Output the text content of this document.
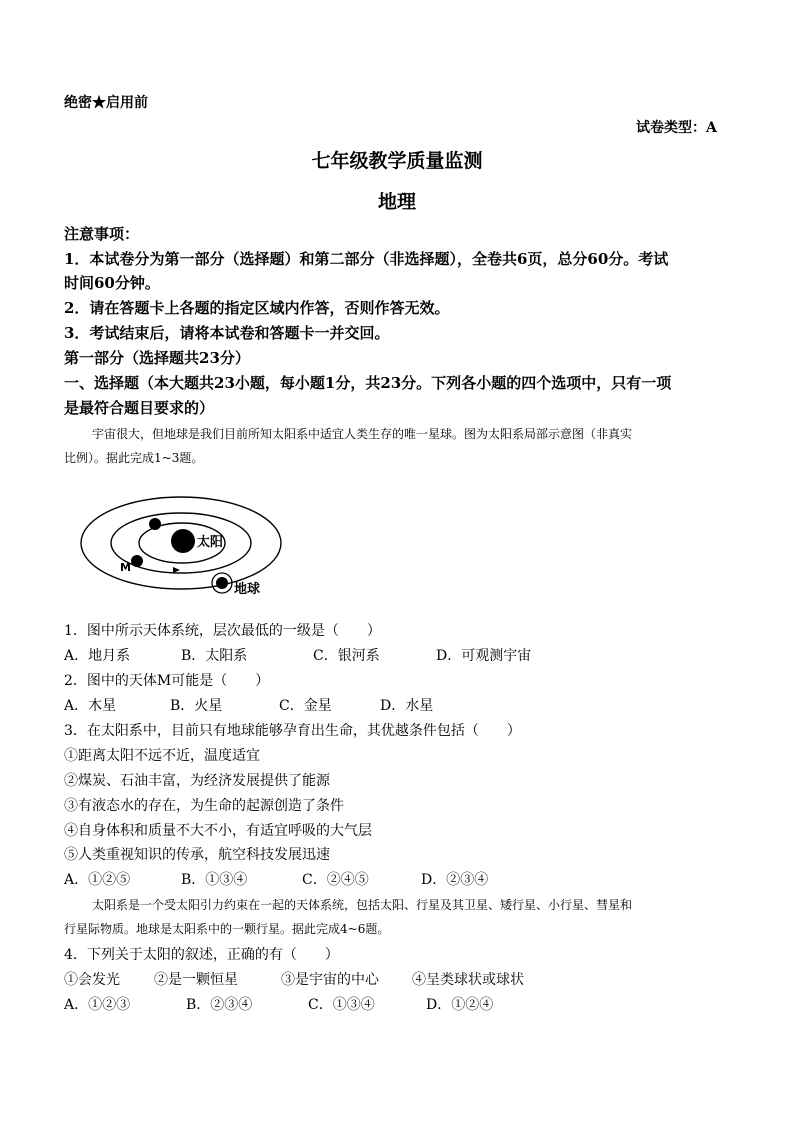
绝密★启用前
试卷类型：A
七年级教学质量监测
地理
注意事项：
1．本试卷分为第一部分（选择题）和第二部分（非选择题），全卷共6页，总分60分。考试
时间60分钟。
2．请在答题卡上各题的指定区域内作答，否则作答无效。
3．考试结束后，请将本试卷和答题卡一并交回。
第一部分（选择题共23分）
一、选择题（本大题共23小题，每小题1分，共23分。下列各小题的四个选项中，只有一项
是最符合题目要求的）
宇宙很大，但地球是我们目前所知太阳系中适宜人类生存的唯一星球。图为太阳系局部示意图（非真实
比例）。据此完成1~3题。
太阳
M
地球
1．图中所示天体系统，层次最低的一级是（　　）
A．地月系	B．太阳系	C．银河系	D．可观测宇宙
2．图中的天体M可能是（　　）
A．木星	B．火星	C．金星	D．水星
3．在太阳系中，目前只有地球能够孕育出生命，其优越条件包括（　　）
①距离太阳不远不近，温度适宜
②煤炭、石油丰富，为经济发展提供了能源
③有液态水的存在，为生命的起源创造了条件
④自身体积和质量不大不小，有适宜呼吸的大气层
⑤人类重视知识的传承，航空科技发展迅速
A．①②⑤	B．①③④	C．②④⑤	D．②③④
太阳系是一个受太阳引力约束在一起的天体系统，包括太阳、行星及其卫星、矮行星、小行星、彗星和
行星际物质。地球是太阳系中的一颗行星。据此完成4~6题。
4．下列关于太阳的叙述，正确的有（　　）
①会发光 ②是一颗恒星	③是宇宙的中心 ④呈类球状或球状
A．①②③	B．②③④	C．①③④	D．①②④
